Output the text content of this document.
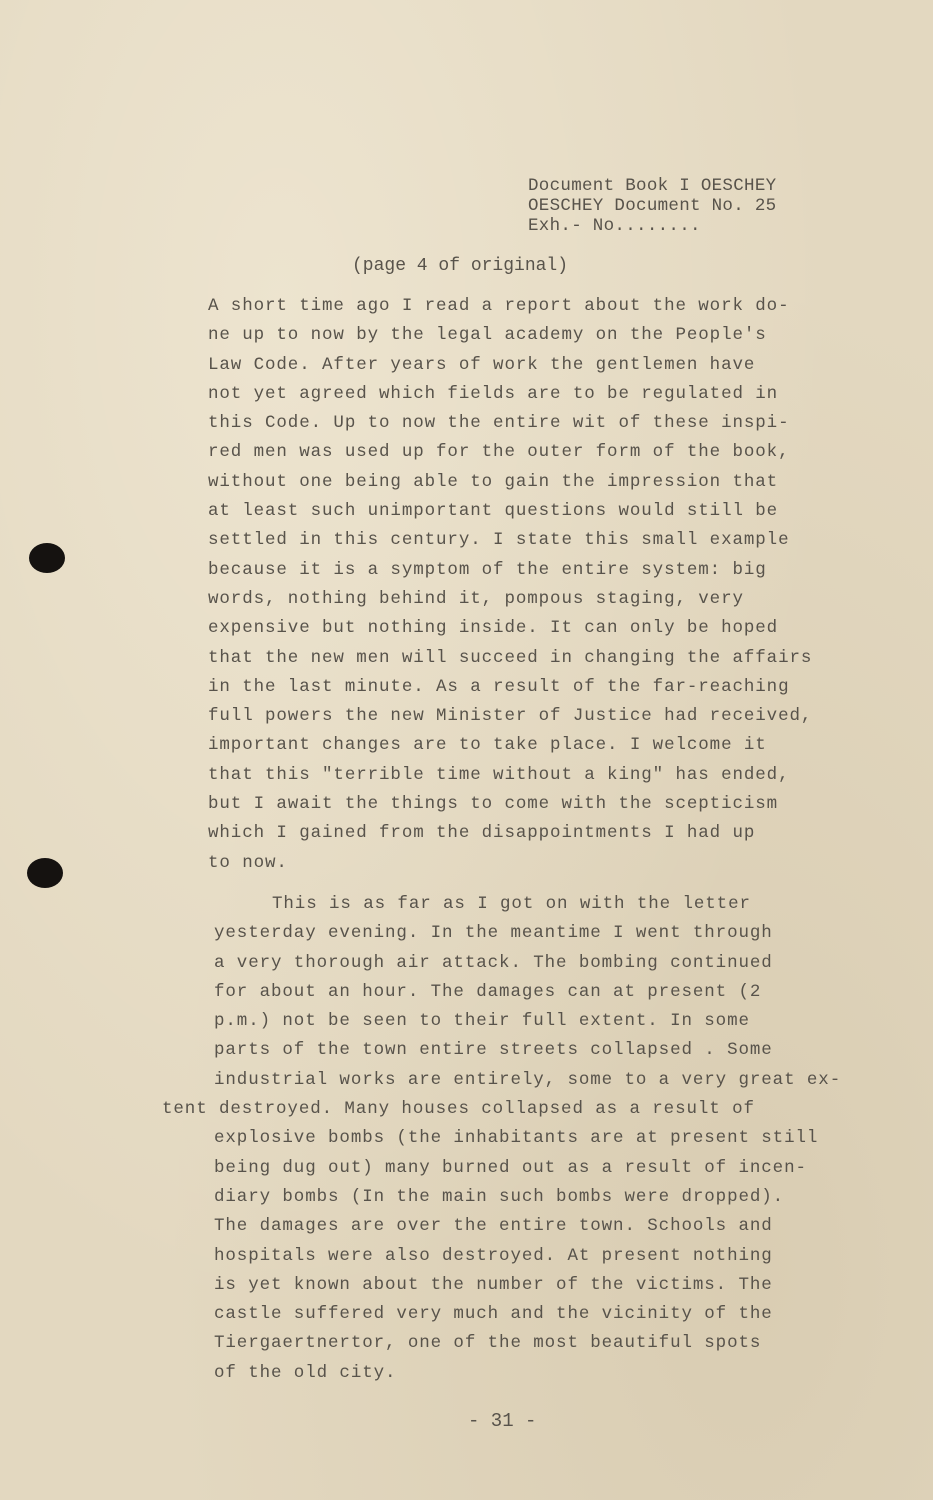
Document Book I OESCHEY
OESCHEY Document No. 25
Exh.- No........
(page 4 of original)
A short time ago I read a report about the work do-
ne up to now by the legal academy on the People's
Law Code. After years of work the gentlemen have
not yet agreed which fields are to be regulated in
this Code. Up to now the entire wit of these inspi-
red men was used up for the outer form of the book,
without one being able to gain the impression that
at least such unimportant questions would still be
settled in this century. I state this small example
because it is a symptom of the entire system: big
words, nothing behind it, pompous staging, very
expensive but nothing inside. It can only be hoped
that the new men will succeed in changing the affairs
in the last minute. As a result of the far-reaching
full powers the new Minister of Justice had received,
important changes are to take place. I welcome it
that this "terrible time without a king" has ended,
but I await the things to come with the scepticism
which I gained from the disappointments I had up
to now.
This is as far as I got on with the letter
yesterday evening. In the meantime I went through
a very thorough air attack. The bombing continued
for about an hour. The damages can at present (2
p.m.) not be seen to their full extent. In some
parts of the town entire streets collapsed . Some
industrial works are entirely, some to a very great ex-
tent destroyed. Many houses collapsed as a result of
explosive bombs (the inhabitants are at present still
being dug out) many burned out as a result of incen-
diary bombs (In the main such bombs were dropped).
The damages are over the entire town. Schools and
hospitals were also destroyed. At present nothing
is yet known about the number of the victims. The
castle suffered very much and the vicinity of the
Tiergaertnertor, one of the most beautiful spots
of the old city.
- 31 -
